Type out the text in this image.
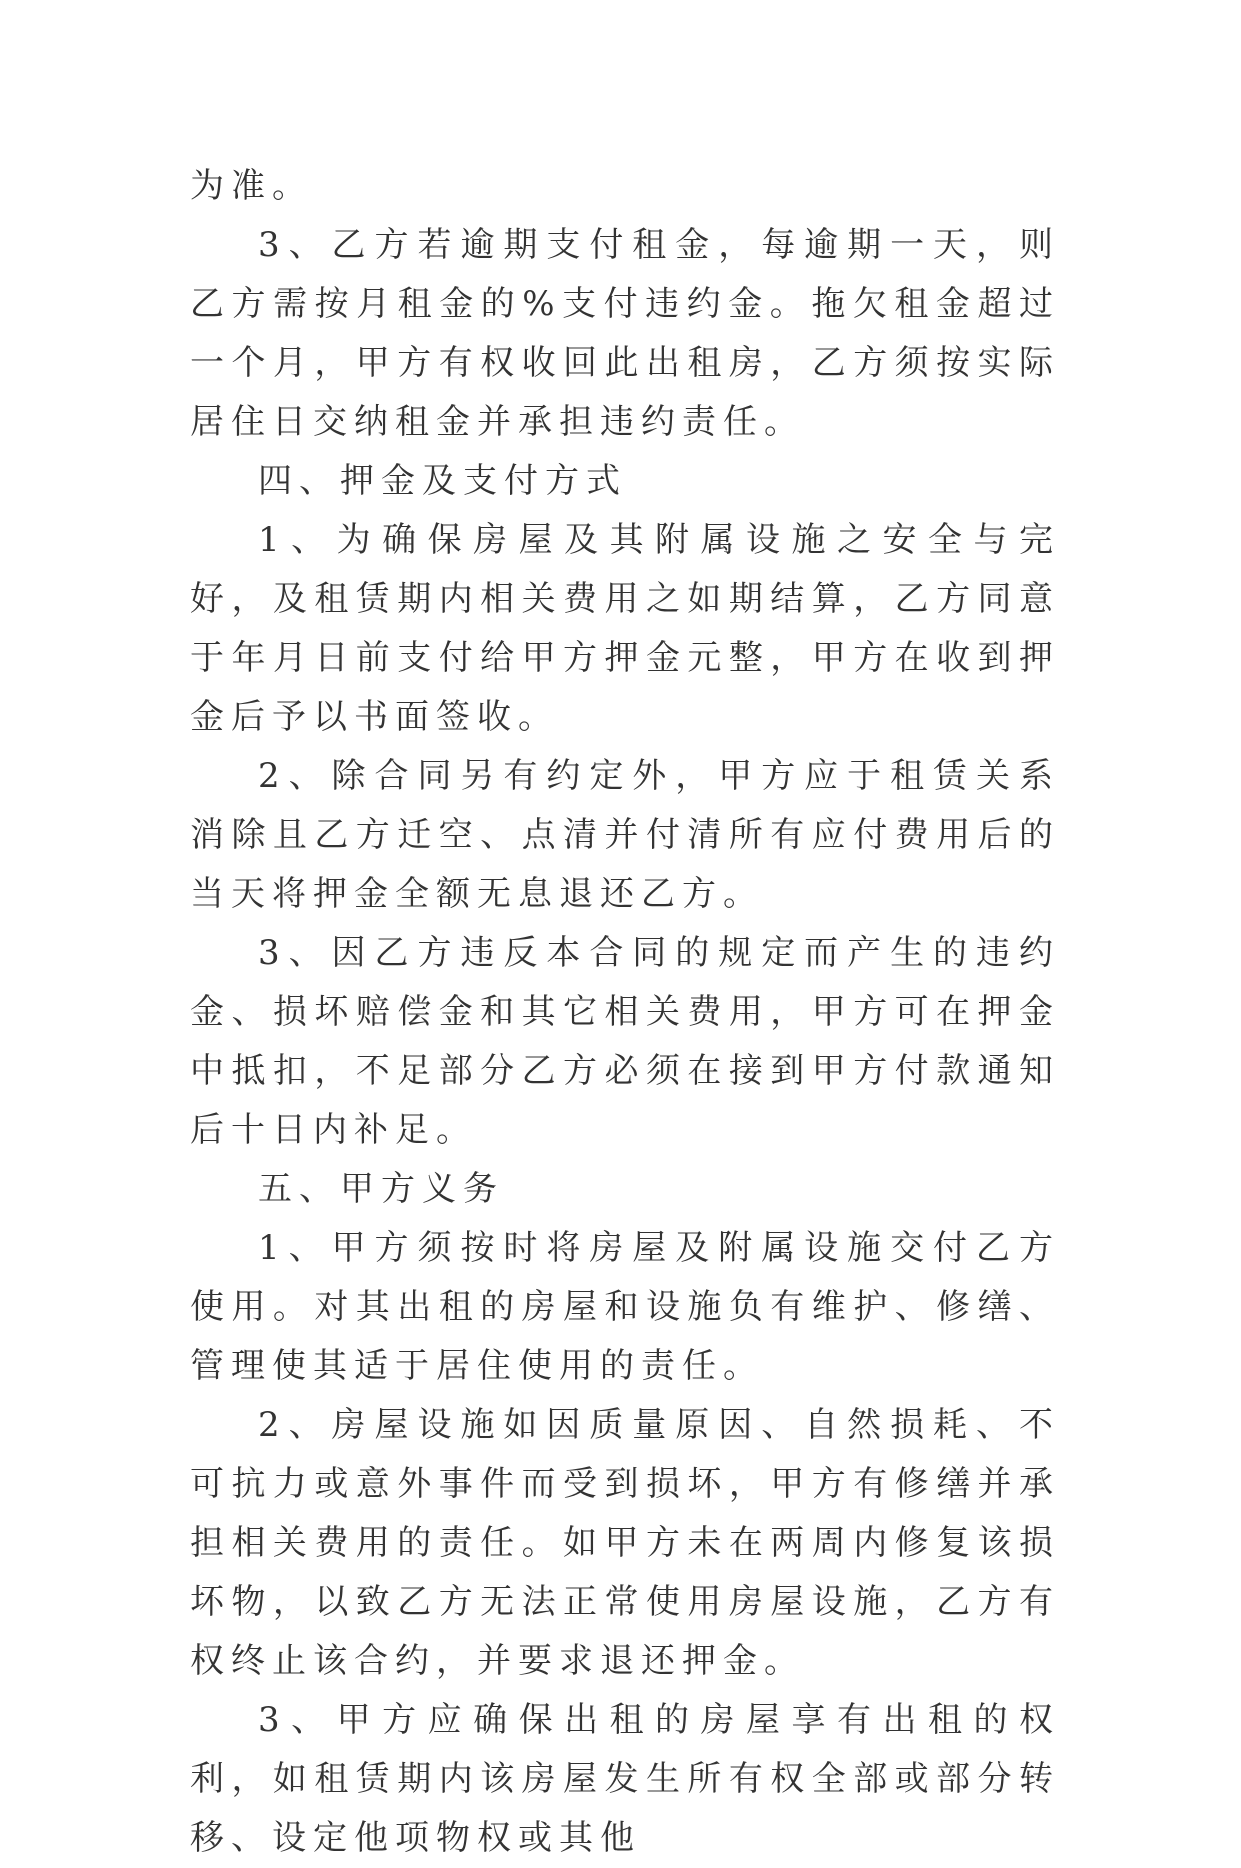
为准。

3、乙方若逾期支付租金，每逾期一天，则乙方需按月租金的%支付违约金。拖欠租金超过一个月，甲方有权收回此出租房，乙方须按实际居住日交纳租金并承担违约责任。

四、押金及支付方式

1、为确保房屋及其附属设施之安全与完好，及租赁期内相关费用之如期结算，乙方同意于年月日前支付给甲方押金元整，甲方在收到押金后予以书面签收。

2、除合同另有约定外，甲方应于租赁关系消除且乙方迁空、点清并付清所有应付费用后的当天将押金全额无息退还乙方。

3、因乙方违反本合同的规定而产生的违约金、损坏赔偿金和其它相关费用，甲方可在押金中抵扣，不足部分乙方必须在接到甲方付款通知后十日内补足。

五、甲方义务

1、甲方须按时将房屋及附属设施交付乙方使用。对其出租的房屋和设施负有维护、修缮、管理使其适于居住使用的责任。

2、房屋设施如因质量原因、自然损耗、不可抗力或意外事件而受到损坏，甲方有修缮并承担相关费用的责任。如甲方未在两周内修复该损坏物，以致乙方无法正常使用房屋设施，乙方有权终止该合约，并要求退还押金。

3、甲方应确保出租的房屋享有出租的权利，如租赁期内该房屋发生所有权全部或部分转移、设定他项物权或其他
